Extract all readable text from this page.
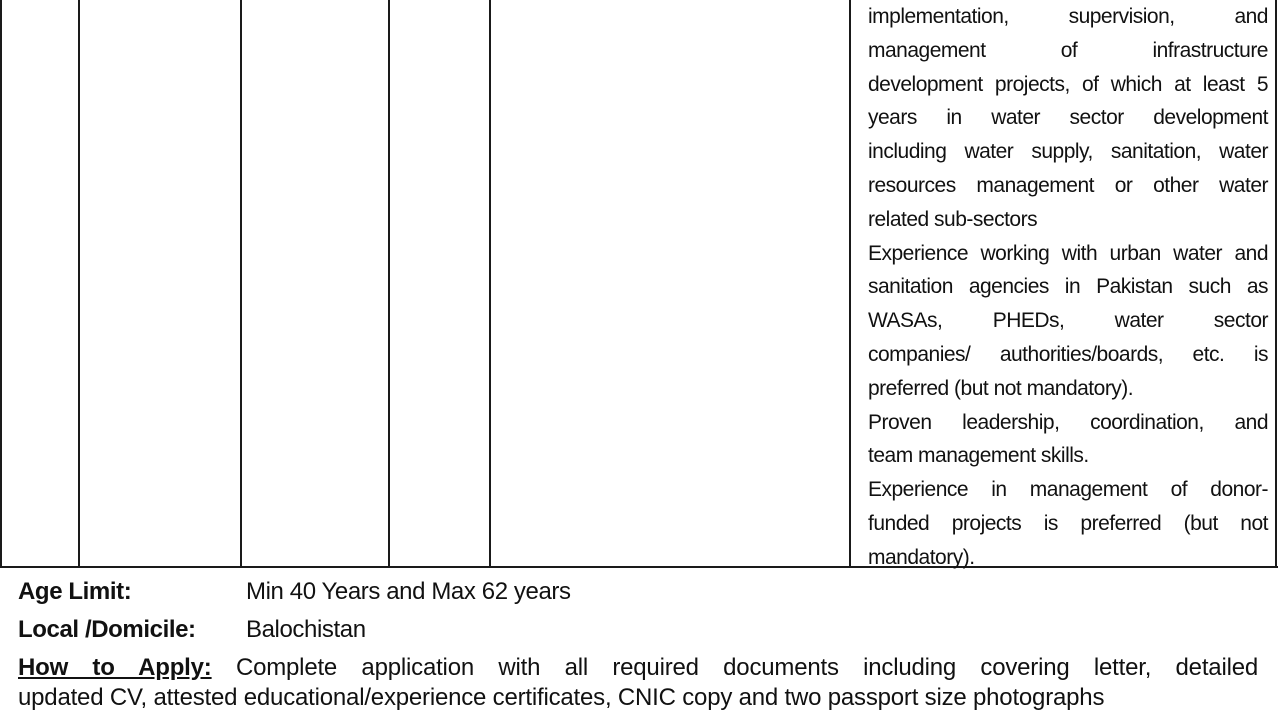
implementation, supervision, and
management of infrastructure
development projects, of which at least 5
years in water sector development
including water supply, sanitation, water
resources management or other water
related sub-sectors

Experience working with urban water and
sanitation agencies in Pakistan such as
WASAs, PHEDs, water sector
companies/ authorities/boards, etc. is
preferred (but not mandatory).

Proven leadership, coordination, and
team management skills.

Experience in management of donor-
funded projects is preferred (but not
mandatory).

Age Limit:	Min 40 Years and Max 62 years
Local /Domicile: Balochistan
How to Apply: Complete application with all required documents including covering letter, detailed
updated CV, attested educational/experience certificates, CNIC copy and two passport size photographs
